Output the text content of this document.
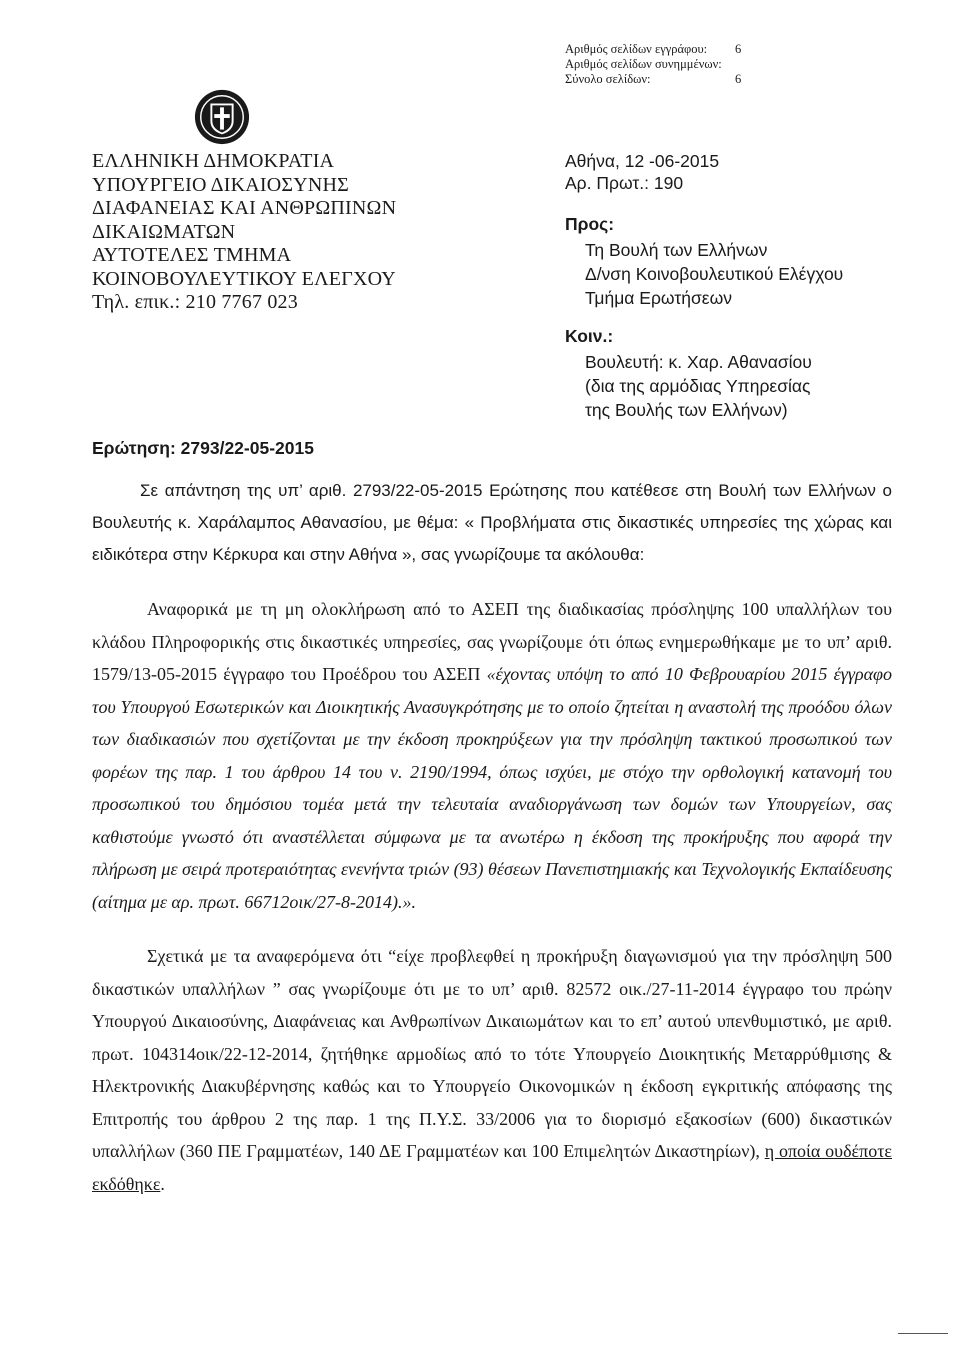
Αριθμός σελίδων εγγράφου:	6
Αριθμός σελίδων συνημμένων:
Σύνολο σελίδων:	6
ΕΛΛΗΝΙΚΗ ΔΗΜΟΚΡΑΤΙΑ
ΥΠΟΥΡΓΕΙΟ ΔΙΚΑΙΟΣΥΝΗΣ
ΔΙΑΦΑΝΕΙΑΣ ΚΑΙ ΑΝΘΡΩΠΙΝΩΝ
ΔΙΚΑΙΩΜΑΤΩΝ
ΑΥΤΟΤΕΛΕΣ ΤΜΗΜΑ
ΚΟΙΝΟΒΟΥΛΕΥΤΙΚΟΥ ΕΛΕΓΧΟΥ
Τηλ. επικ.: 210 7767 023
Αθήνα, 12 -06-2015
Αρ. Πρωτ.: 190
Προς:
Τη Βουλή των Ελλήνων
Δ/νση Κοινοβουλευτικού Ελέγχου
Τμήμα Ερωτήσεων
Κοιν.:
Βουλευτή: κ. Χαρ. Αθανασίου
(δια της αρμόδιας Υπηρεσίας
της Βουλής των Ελλήνων)
Ερώτηση: 2793/22-05-2015

Σε απάντηση της υπ’ αριθ. 2793/22-05-2015 Ερώτησης που κατέθεσε στη Βουλή των Ελλήνων ο Βουλευτής κ. Χαράλαμπος Αθανασίου, με θέμα: « Προβλήματα στις δικαστικές υπηρεσίες της χώρας και ειδικότερα στην Κέρκυρα και στην Αθήνα », σας γνωρίζουμε τα ακόλουθα:

Αναφορικά με τη μη ολοκλήρωση από το ΑΣΕΠ της διαδικασίας πρόσληψης 100 υπαλλήλων του κλάδου Πληροφορικής στις δικαστικές υπηρεσίες, σας γνωρίζουμε ότι όπως ενημερωθήκαμε με το υπ’ αριθ. 1579/13-05-2015 έγγραφο του Προέδρου του ΑΣΕΠ «έχοντας υπόψη το από 10 Φεβρουαρίου 2015 έγγραφο του Υπουργού Εσωτερικών και Διοικητικής Ανασυγκρότησης με το οποίο ζητείται η αναστολή της προόδου όλων των διαδικασιών που σχετίζονται με την έκδοση προκηρύξεων για την πρόσληψη τακτικού προσωπικού των φορέων της παρ. 1 του άρθρου 14 του ν. 2190/1994, όπως ισχύει, με στόχο την ορθολογική κατανομή του προσωπικού του δημόσιου τομέα μετά την τελευταία αναδιοργάνωση των δομών των Υπουργείων, σας καθιστούμε γνωστό ότι αναστέλλεται σύμφωνα με τα ανωτέρω η έκδοση της προκήρυξης που αφορά την πλήρωση με σειρά προτεραιότητας ενενήντα τριών (93) θέσεων Πανεπιστημιακής και Τεχνολογικής Εκπαίδευσης (αίτημα με αρ. πρωτ. 66712οικ/27-8-2014).».

Σχετικά με τα αναφερόμενα ότι “είχε προβλεφθεί η προκήρυξη διαγωνισμού για την πρόσληψη 500 δικαστικών υπαλλήλων ” σας γνωρίζουμε ότι με το υπ’ αριθ. 82572 οικ./27-11-2014 έγγραφο του πρώην Υπουργού Δικαιοσύνης, Διαφάνειας και Ανθρωπίνων Δικαιωμάτων και το επ’ αυτού υπενθυμιστικό, με αριθ. πρωτ. 104314οικ/22-12-2014, ζητήθηκε αρμοδίως από το τότε Υπουργείο Διοικητικής Μεταρρύθμισης & Ηλεκτρονικής Διακυβέρνησης καθώς και το Υπουργείο Οικονομικών η έκδοση εγκριτικής απόφασης της Επιτροπής του άρθρου 2 της παρ. 1 της Π.Υ.Σ. 33/2006 για το διορισμό εξακοσίων (600) δικαστικών υπαλλήλων (360 ΠΕ Γραμματέων, 140 ΔΕ Γραμματέων και 100 Επιμελητών Δικαστηρίων), η οποία ουδέποτε εκδόθηκε.
